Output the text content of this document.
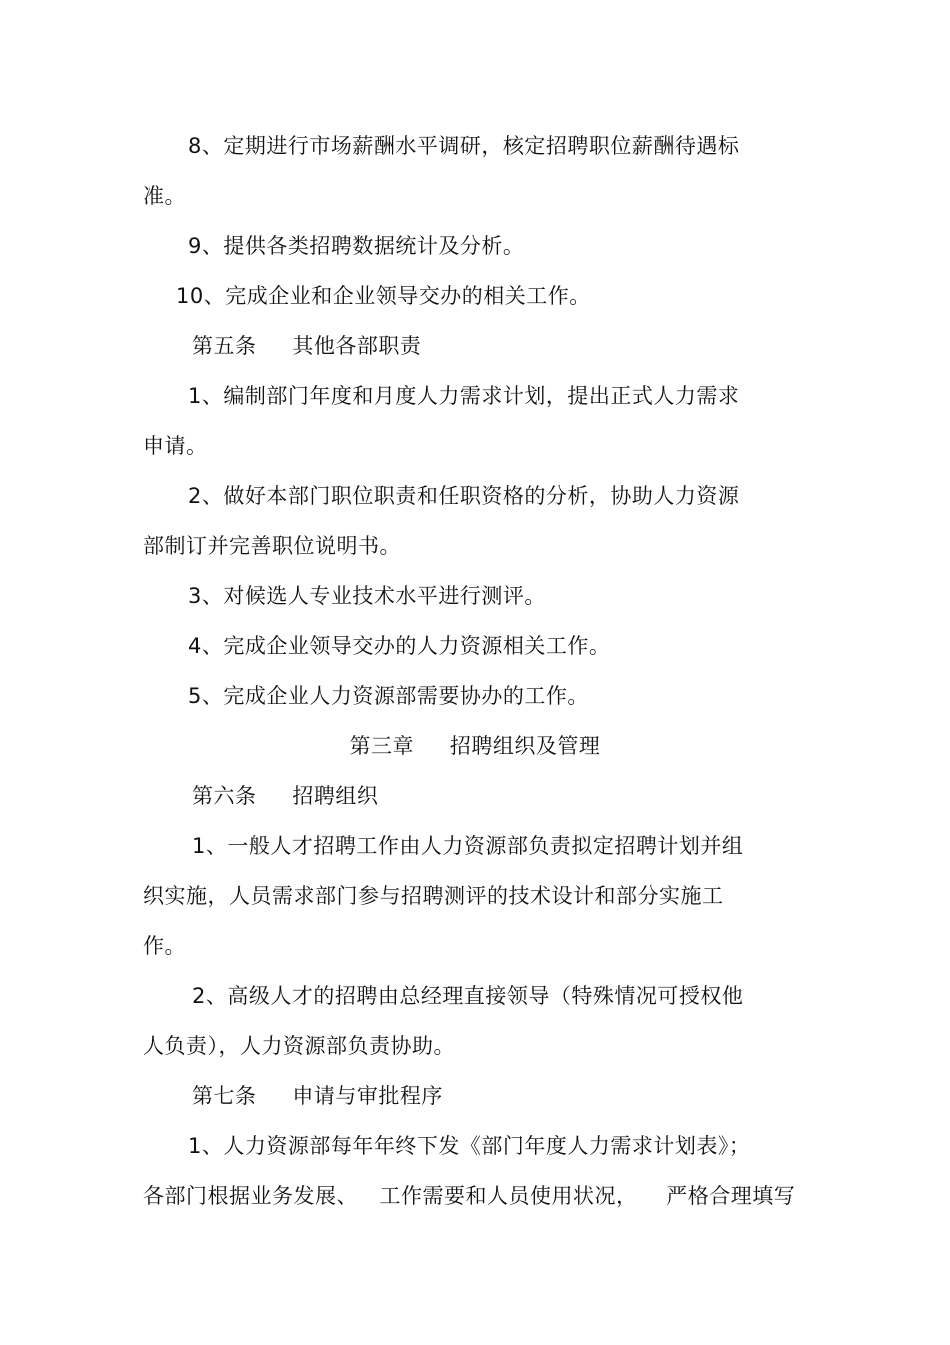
8、定期进行市场薪酬水平调研，核定招聘职位薪酬待遇标
准。
9、提供各类招聘数据统计及分析。
10、完成企业和企业领导交办的相关工作。
第五条     其他各部职责
1、编制部门年度和月度人力需求计划，提出正式人力需求
申请。
2、做好本部门职位职责和任职资格的分析，协助人力资源
部制订并完善职位说明书。
3、对候选人专业技术水平进行测评。
4、完成企业领导交办的人力资源相关工作。
5、完成企业人力资源部需要协办的工作。
第三章     招聘组织及管理
第六条     招聘组织
1、一般人才招聘工作由人力资源部负责拟定招聘计划并组
织实施，人员需求部门参与招聘测评的技术设计和部分实施工
作。
2、高级人才的招聘由总经理直接领导（特殊情况可授权他
人负责），人力资源部负责协助。
第七条     申请与审批程序
1、人力资源部每年年终下发《部门年度人力需求计划表》；
各部门根据业务发展、   工作需要和人员使用状况，    严格合理填写
